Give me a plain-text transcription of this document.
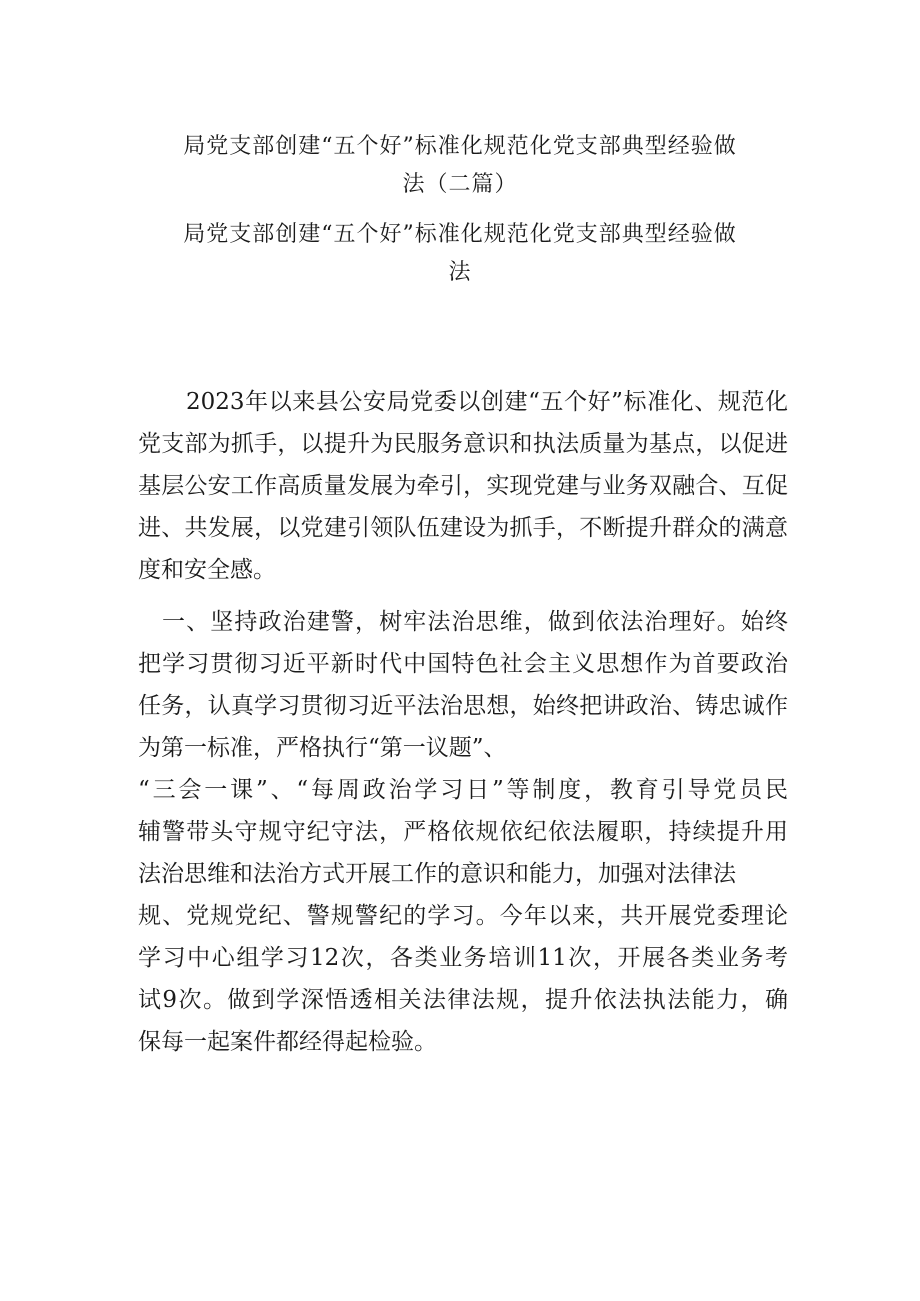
局党支部创建“五个好”标准化规范化党支部典型经验做
法（二篇）
局党支部创建“五个好”标准化规范化党支部典型经验做
法
2023年以来县公安局党委以创建“五个好”标准化、规范化
党支部为抓手，以提升为民服务意识和执法质量为基点，以促进
基层公安工作高质量发展为牵引，实现党建与业务双融合、互促
进、共发展，以党建引领队伍建设为抓手，不断提升群众的满意
度和安全感。
一、坚持政治建警，树牢法治思维，做到依法治理好。始终
把学习贯彻习近平新时代中国特色社会主义思想作为首要政治
任务，认真学习贯彻习近平法治思想，始终把讲政治、铸忠诚作
为第一标准，严格执行“第一议题”、
“三会一课”、“每周政治学习日”等制度，教育引导党员民
辅警带头守规守纪守法，严格依规依纪依法履职，持续提升用
法治思维和法治方式开展工作的意识和能力，加强对法律法
规、党规党纪、警规警纪的学习。今年以来，共开展党委理论
学习中心组学习12次，各类业务培训11次，开展各类业务考
试9次。做到学深悟透相关法律法规，提升依法执法能力，确
保每一起案件都经得起检验。
